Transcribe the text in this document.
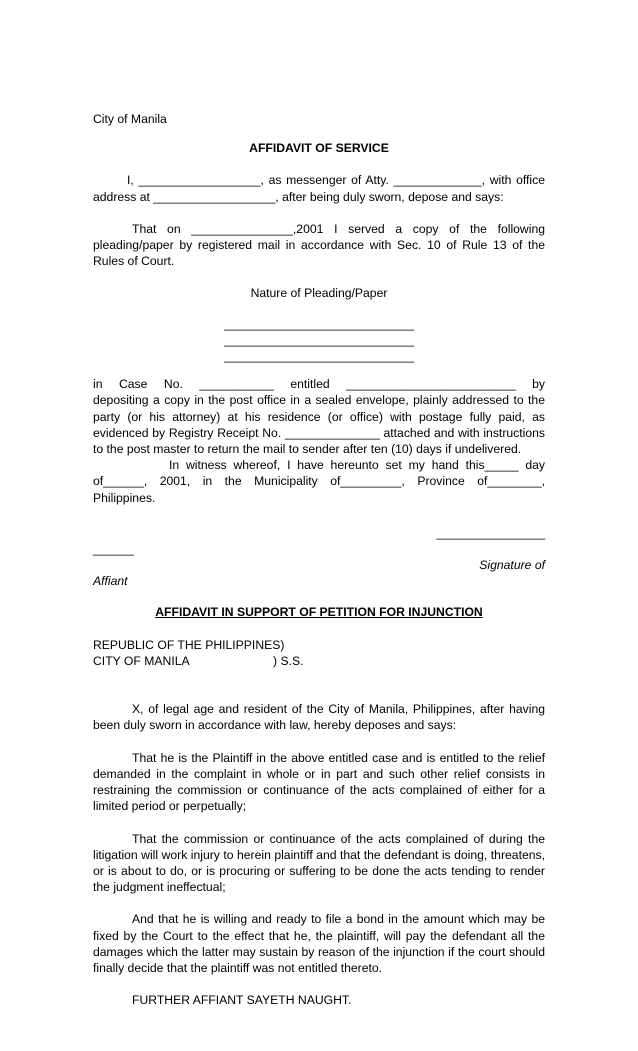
City of Manila

AFFIDAVIT OF SERVICE

I, __________________, as messenger of Atty. _____________, with office address at __________________, after being duly sworn, depose and says:

That on _______________,2001 I served a copy of the following pleading/paper by registered mail in accordance with Sec. 10 of Rule 13 of the Rules of Court.

Nature of Pleading/Paper

____________________________

____________________________

____________________________

in Case No. ___________ entitled _________________________ by

depositing a copy in the post office in a sealed envelope, plainly addressed to the party (or his attorney) at his residence (or office) with postage fully paid, as evidenced by Registry Receipt No. ______________ attached and with instructions to the post master to return the mail to sender after ten (10) days if undelivered.

In witness whereof, I have hereunto set my hand this_____ day of______, 2001, in the Municipality of_________, Province of________, Philippines.

________________

______

Signature of

Affiant

AFFIDAVIT IN SUPPORT OF PETITION FOR INJUNCTION

REPUBLIC OF THE PHILIPPINES)

CITY OF MANILA	) S.S.

X, of legal age and resident of the City of Manila, Philippines, after having been duly sworn in accordance with law, hereby deposes and says:

That he is the Plaintiff in the above entitled case and is entitled to the relief demanded in the complaint in whole or in part and such other relief consists in restraining the commission or continuance of the acts complained of either for a limited period or perpetually;

That the commission or continuance of the acts complained of during the litigation will work injury to herein plaintiff and that the defendant is doing, threatens, or is about to do, or is procuring or suffering to be done the acts tending to render the judgment ineffectual;

And that he is willing and ready to file a bond in the amount which may be fixed by the Court to the effect that he, the plaintiff, will pay the defendant all the damages which the latter may sustain by reason of the injunction if the court should finally decide that the plaintiff was not entitled thereto.

FURTHER AFFIANT SAYETH NAUGHT.
